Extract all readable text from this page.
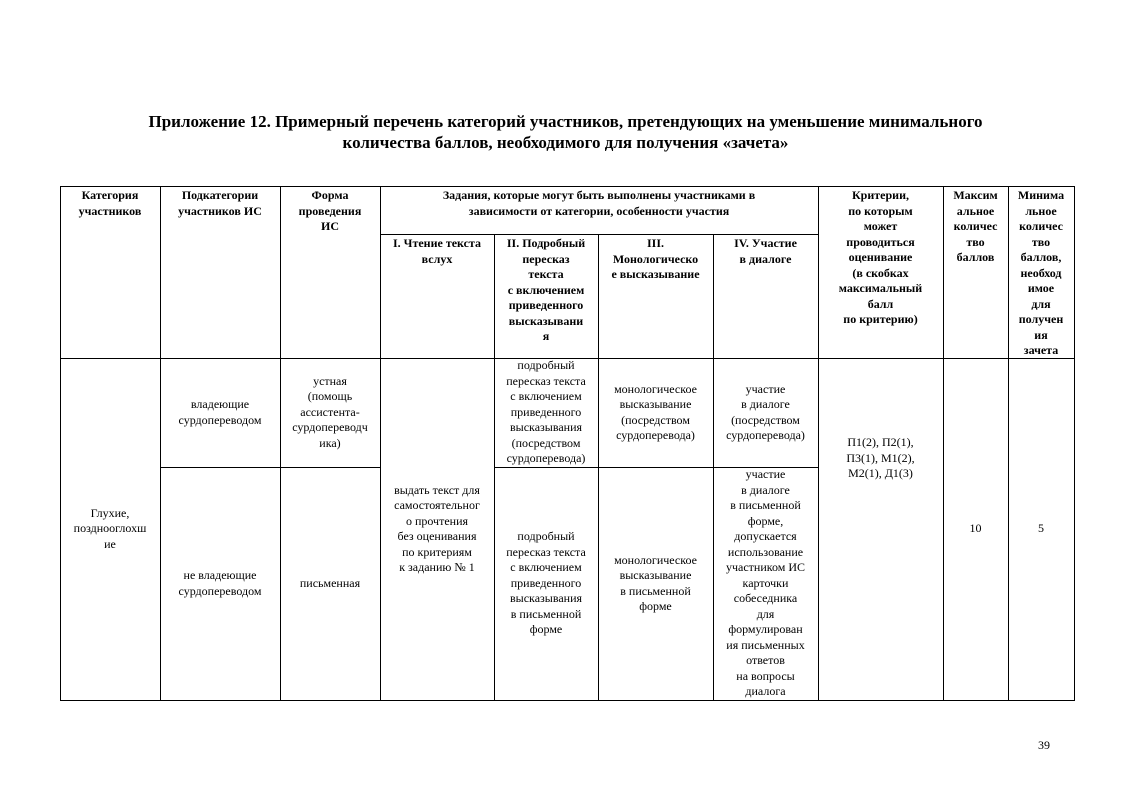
Приложение 12. Примерный перечень категорий участников, претендующих на уменьшение минимального
количества баллов, необходимого для получения «зачета»
Категория
участников
Подкатегории
участников ИС
Форма
проведения
ИС
Задания, которые могут быть выполнены участниками в
зависимости от категории, особенности участия
I. Чтение текста
вслух
II. Подробный
пересказ
текста
с включением
приведенного
высказывани
я
III.
Монологическо
е высказывание
IV. Участие
в диалоге
Критерии,
по которым
может
проводиться
оценивание
(в скобках
максимальный
балл
по критерию)
Максим
альное
количес
тво
баллов
Минима
льное
количес
тво
баллов,
необход
имое
для
получен
ия
зачета
Глухие,
позднооглохш
ие
владеющие
сурдопереводом
устная
(помощь
ассистента-
сурдопереводч
ика)
подробный
пересказ текста
с включением
приведенного
высказывания
(посредством
сурдоперевода)
монологическое
высказывание
(посредством
сурдоперевода)
участие
в диалоге
(посредством
сурдоперевода)
не владеющие
сурдопереводом
письменная
подробный
пересказ текста
с включением
приведенного
высказывания
в письменной
форме
монологическое
высказывание
в письменной
форме
участие
в диалоге
в письменной
форме,
допускается
использование
участником ИС
карточки
собеседника
для
формулирован
ия письменных
ответов
на вопросы
диалога
выдать текст для
самостоятельног
о прочтения
без оценивания
по критериям
к заданию № 1
П1(2), П2(1),
П3(1), М1(2),
М2(1), Д1(3)
10	5
39
